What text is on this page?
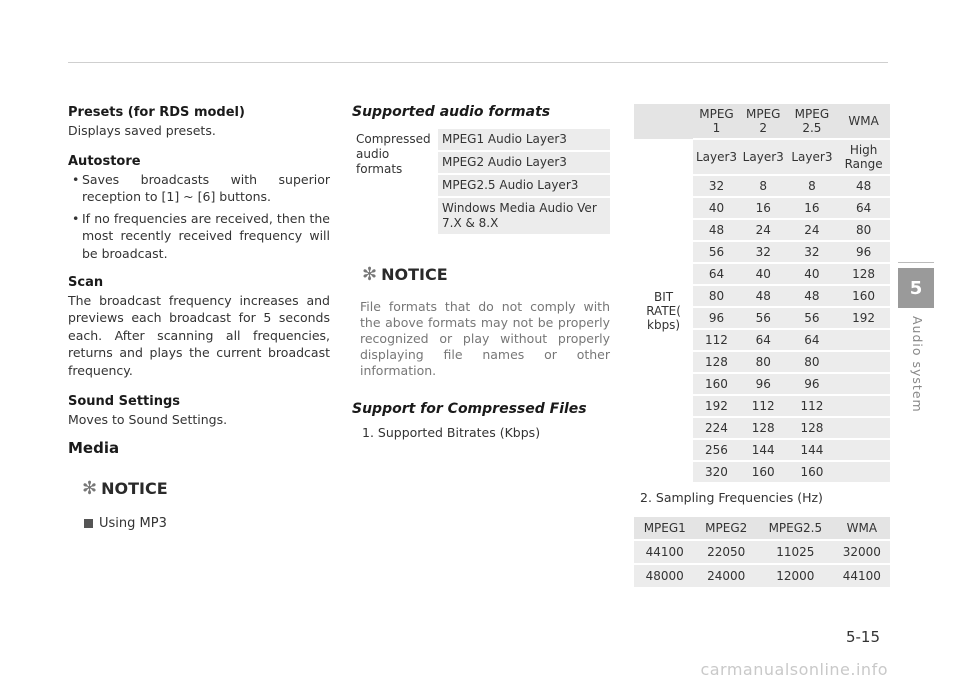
Presets (for RDS model)
Displays saved presets.
Autostore
• Saves broadcasts with superior reception to [1] ~ [6] buttons.
• If no frequencies are received, then the most recently received frequency will be broadcast.
Scan
The broadcast frequency increases and previews each broadcast for 5 seconds each. After scanning all frequencies, returns and plays the current broadcast frequency.
Sound Settings
Moves to Sound Settings.
Media
✻ NOTICE
Using MP3
Supported audio formats
Compressed audio formats	MPEG1 Audio Layer3
MPEG2 Audio Layer3
MPEG2.5 Audio Layer3
Windows Media Audio Ver 7.X & 8.X
✻ NOTICE
File formats that do not comply with the above formats may not be properly recognized or play without properly displaying file names or other information.
Support for Compressed Files
1. Supported Bitrates (Kbps)
	MPEG 1	MPEG 2	MPEG 2.5	WMA
BIT RATE( kbps)	Layer3	Layer3	Layer3	High Range
	32	8	8	48
	40	16	16	64
	48	24	24	80
	56	32	32	96
	64	40	40	128
	80	48	48	160
	96	56	56	192
	112	64	64	
	128	80	80	
	160	96	96	
	192	112	112	
	224	128	128	
	256	144	144	
	320	160	160	
2. Sampling Frequencies (Hz)
MPEG1	MPEG2	MPEG2.5	WMA
44100	22050	11025	32000
48000	24000	12000	44100
5
Audio system
5-15
carmanualsonline.info
